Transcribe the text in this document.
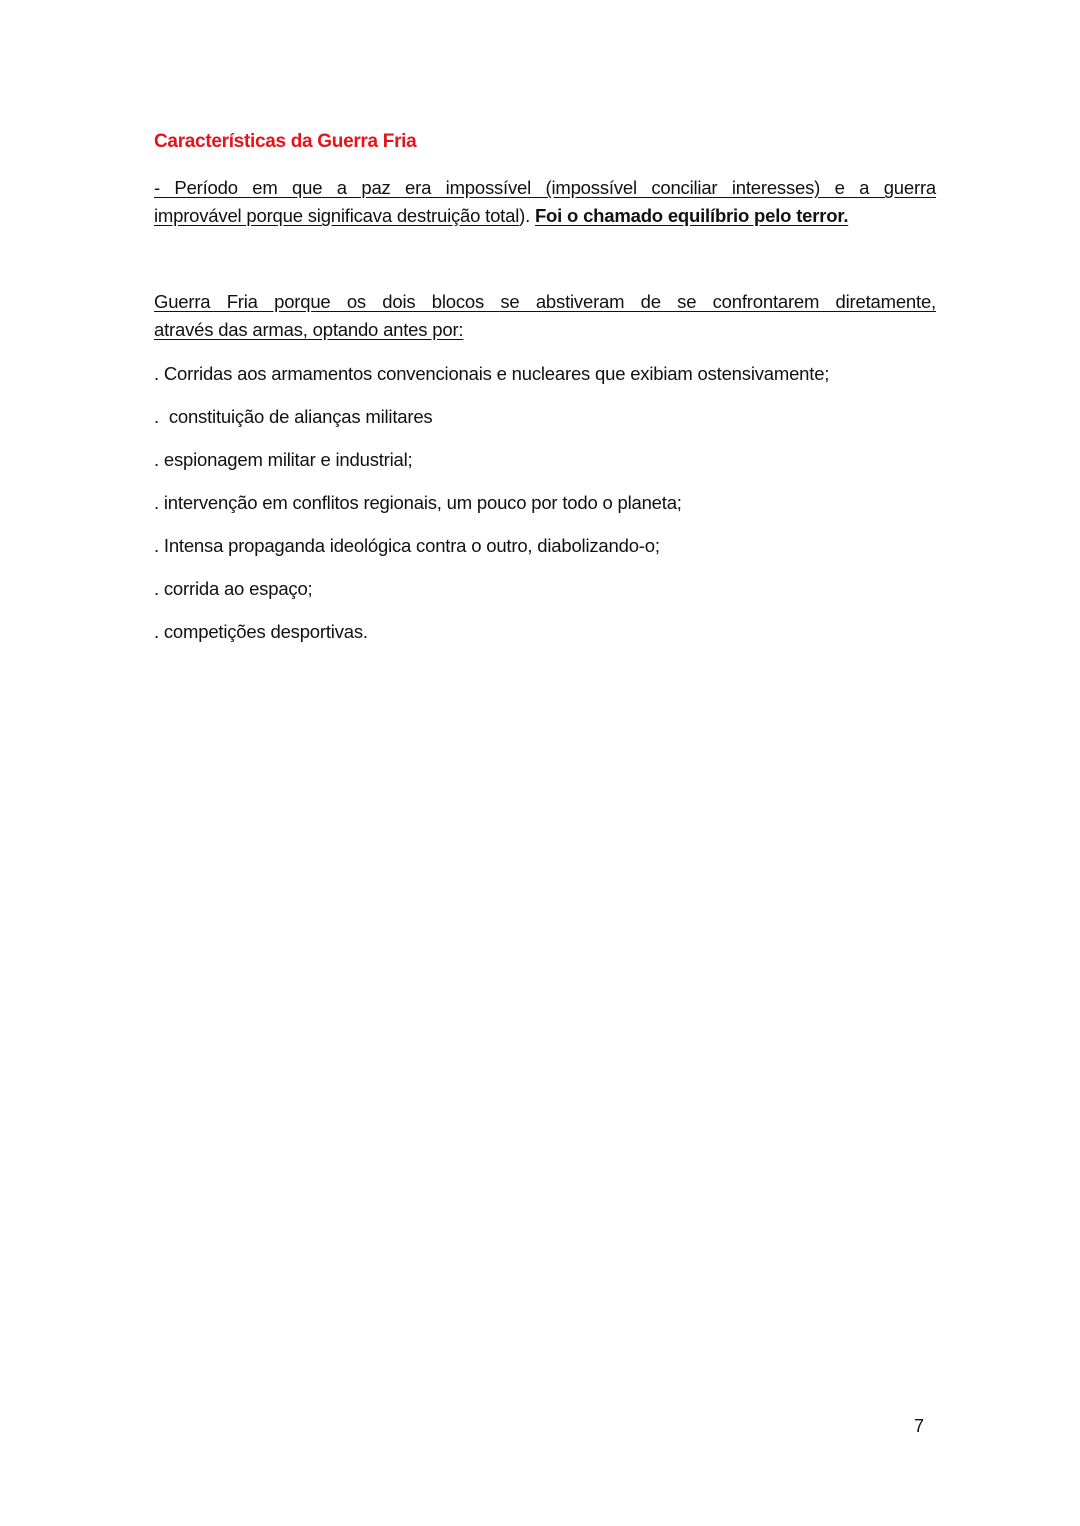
Características da Guerra Fria
- Período em que a paz era impossível (impossível conciliar interesses) e a guerra
improvável porque significava destruição total). Foi o chamado equilíbrio pelo terror.
Guerra Fria porque os dois blocos se abstiveram de se confrontarem diretamente,
através das armas, optando antes por:
. Corridas aos armamentos convencionais e nucleares que exibiam ostensivamente;
.  constituição de alianças militares
. espionagem militar e industrial;
. intervenção em conflitos regionais, um pouco por todo o planeta;
. Intensa propaganda ideológica contra o outro, diabolizando-o;
. corrida ao espaço;
. competições desportivas.
7
